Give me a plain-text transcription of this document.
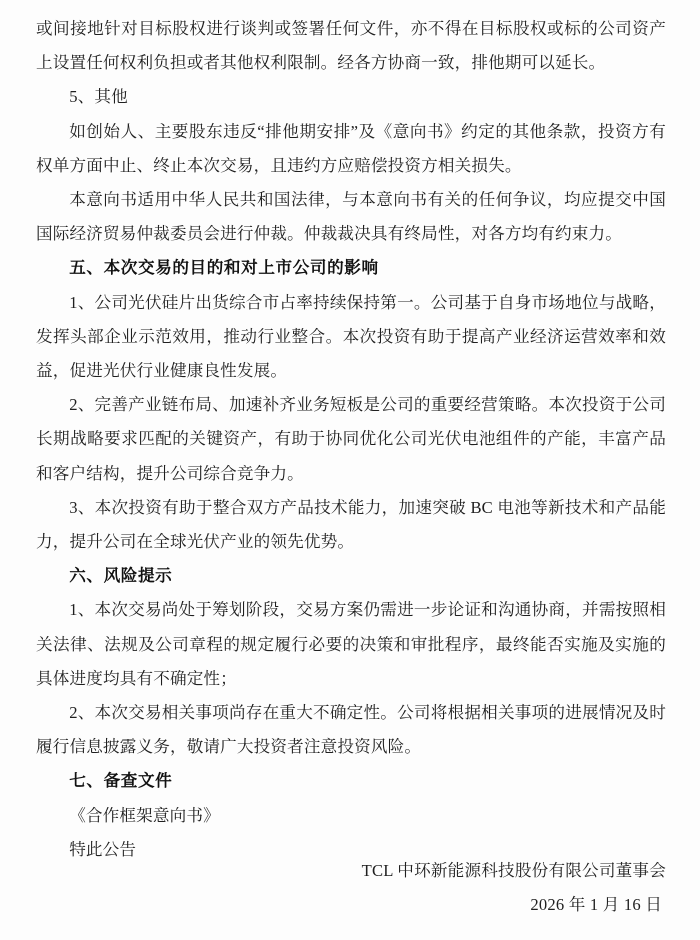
或间接地针对目标股权进行谈判或签署任何文件，亦不得在目标股权或标的公司资产上设置任何权利负担或者其他权利限制。经各方协商一致，排他期可以延长。

5、其他

如创始人、主要股东违反“排他期安排”及《意向书》约定的其他条款，投资方有权单方面中止、终止本次交易，且违约方应赔偿投资方相关损失。

本意向书适用中华人民共和国法律，与本意向书有关的任何争议，均应提交中国国际经济贸易仲裁委员会进行仲裁。仲裁裁决具有终局性，对各方均有约束力。

五、本次交易的目的和对上市公司的影响

1、公司光伏硅片出货综合市占率持续保持第一。公司基于自身市场地位与战略，发挥头部企业示范效用，推动行业整合。本次投资有助于提高产业经济运营效率和效益，促进光伏行业健康良性发展。

2、完善产业链布局、加速补齐业务短板是公司的重要经营策略。本次投资于公司长期战略要求匹配的关键资产，有助于协同优化公司光伏电池组件的产能，丰富产品和客户结构，提升公司综合竞争力。

3、本次投资有助于整合双方产品技术能力，加速突破 BC 电池等新技术和产品能力，提升公司在全球光伏产业的领先优势。

六、风险提示

1、本次交易尚处于筹划阶段，交易方案仍需进一步论证和沟通协商，并需按照相关法律、法规及公司章程的规定履行必要的决策和审批程序，最终能否实施及实施的具体进度均具有不确定性；

2、本次交易相关事项尚存在重大不确定性。公司将根据相关事项的进展情况及时履行信息披露义务，敬请广大投资者注意投资风险。

七、备查文件

《合作框架意向书》

特此公告

TCL 中环新能源科技股份有限公司董事会

2026 年 1 月 16 日
